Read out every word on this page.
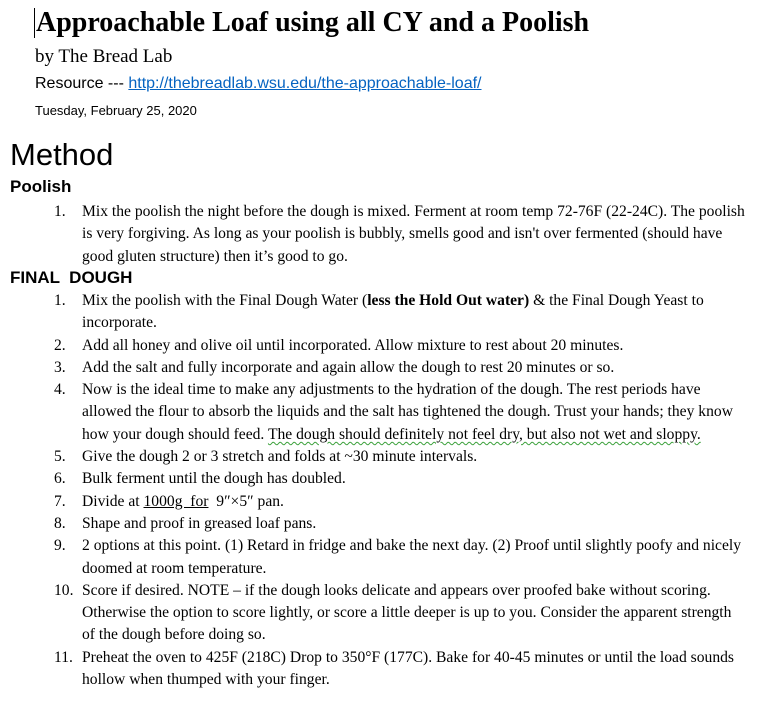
Approachable Loaf using all CY and a Poolish
by The Bread Lab
Resource --- http://thebreadlab.wsu.edu/the-approachable-loaf/
Tuesday, February 25, 2020
Method
Poolish
1. Mix the poolish the night before the dough is mixed. Ferment at room temp 72-76F (22-24C). The poolish is very forgiving. As long as your poolish is bubbly, smells good and isn't over fermented (should have good gluten structure) then it’s good to go.
FINAL  DOUGH
1. Mix the poolish with the Final Dough Water (less the Hold Out water) & the Final Dough Yeast to incorporate.
2. Add all honey and olive oil until incorporated. Allow mixture to rest about 20 minutes.
3. Add the salt and fully incorporate and again allow the dough to rest 20 minutes or so.
4. Now is the ideal time to make any adjustments to the hydration of the dough. The rest periods have allowed the flour to absorb the liquids and the salt has tightened the dough. Trust your hands; they know how your dough should feed. The dough should definitely not feel dry, but also not wet and sloppy.
5. Give the dough 2 or 3 stretch and folds at ~30 minute intervals.
6. Bulk ferment until the dough has doubled.
7. Divide at 1000g  for  9″×5″ pan.
8. Shape and proof in greased loaf pans.
9. 2 options at this point. (1) Retard in fridge and bake the next day. (2) Proof until slightly poofy and nicely doomed at room temperature.
10. Score if desired. NOTE – if the dough looks delicate and appears over proofed bake without scoring. Otherwise the option to score lightly, or score a little deeper is up to you. Consider the apparent strength of the dough before doing so.
11. Preheat the oven to 425F (218C) Drop to 350°F (177C). Bake for 40-45 minutes or until the load sounds hollow when thumped with your finger.
